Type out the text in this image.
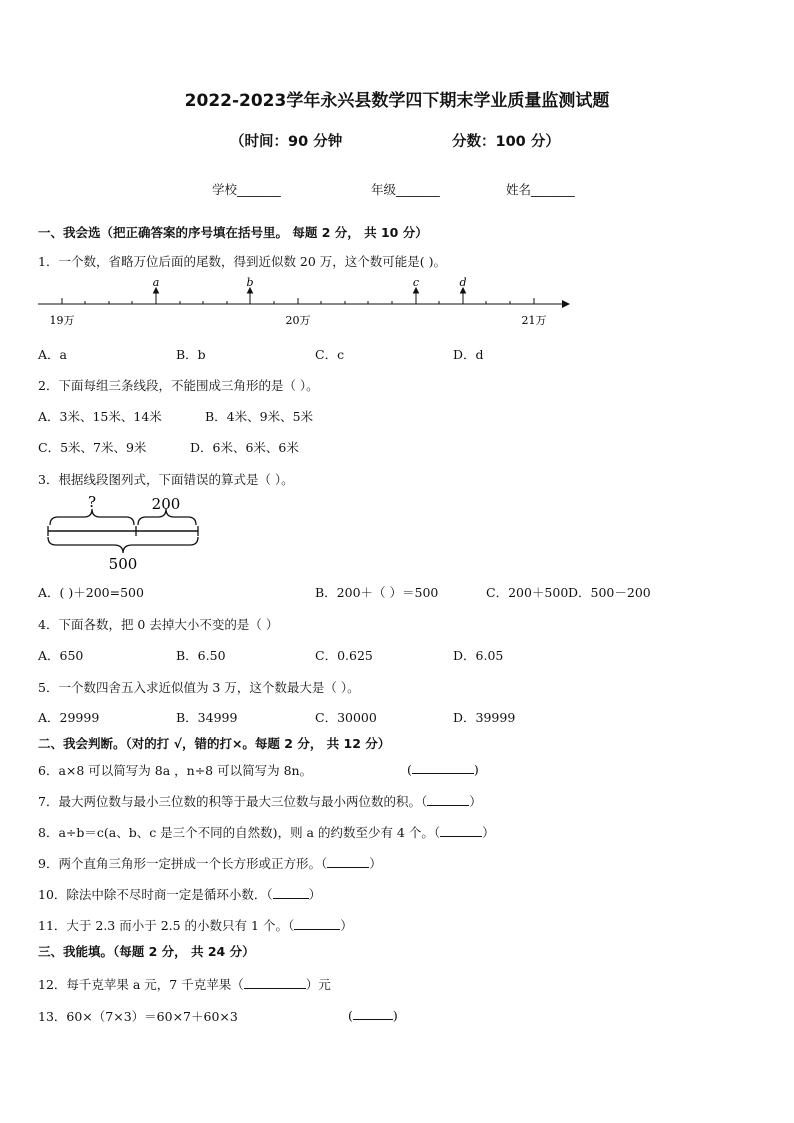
2022-2023学年永兴县数学四下期末学业质量监测试题
（时间：90 分钟	分数：100 分）
学校_______	年级_______	姓名_______
一、我会选（把正确答案的序号填在括号里。 每题 2 分， 共 10 分）
1．一个数，省略万位后面的尾数，得到近似数 20 万，这个数可能是( )。
a	b	c	d
19万	20万	21万
A．a	B．b	C．c	D．d
2．下面每组三条线段，不能围成三角形的是（ ）。
A．3米、15米、14米	B．4米、9米、5米
C．5米、7米、9米	D．6米、6米、6米
3．根据线段图列式，下面错误的算式是（ ）。
?	200
500
A．( )＋200=500	B．200＋（ ）＝500	C．200＋500 D．500－200
4．下面各数，把 0 去掉大小不变的是（ ）
A．650	B．6.50	C．0.625	D．6.05
5．一个数四舍五入求近似值为 3 万，这个数最大是（ ）。
A．29999	B．34999	C．30000	D．39999
二、我会判断。（对的打 √，错的打×。每题 2 分， 共 12 分）
6．a×8 可以简写为 8a ，n÷8 可以简写为 8n。	(	)
7．最大两位数与最小三位数的积等于最大三位数与最小两位数的积。（	）
8．a÷b＝c(a、b、c 是三个不同的自然数)，则 a 的约数至少有 4 个。（	）
9．两个直角三角形一定拼成一个长方形或正方形。（	）
10．除法中除不尽时商一定是循环小数．（	）
11．大于 2.3 而小于 2.5 的小数只有 1 个。（	）
三、我能填。（每题 2 分， 共 24 分）
12．每千克苹果 a 元，7 千克苹果（	）元
13．60×（7×3）＝60×7＋60×3	(	)
